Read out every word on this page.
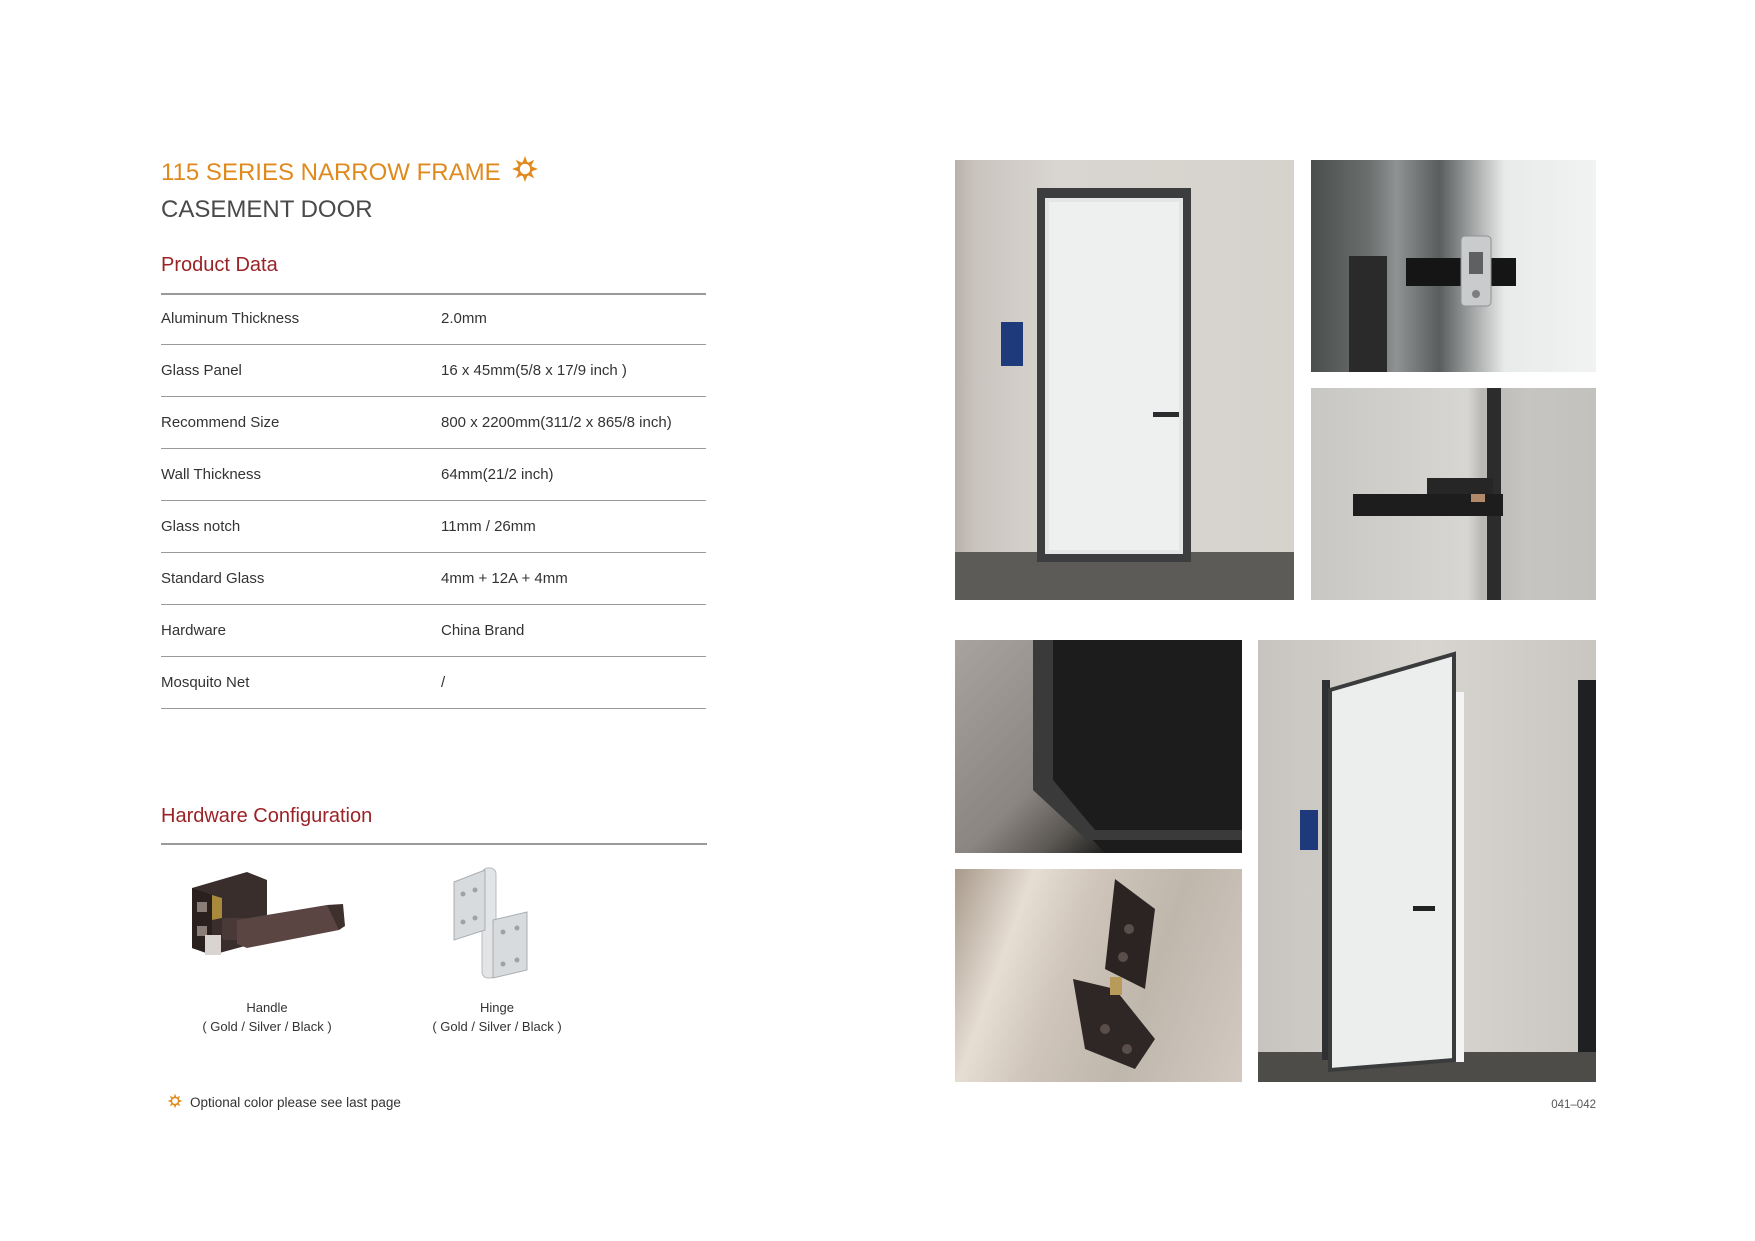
115 SERIES NARROW FRAME
CASEMENT DOOR
Product Data
Aluminum Thickness	2.0mm
Glass Panel	16 x 45mm(5/8 x 17/9 inch )
Recommend Size	800 x 2200mm(311/2 x 865/8 inch)
Wall Thickness	64mm(21/2 inch)
Glass notch	11mm / 26mm
Standard Glass	4mm + 12A + 4mm
Hardware	China Brand
Mosquito Net	/
Hardware Configuration
Handle
( Gold / Silver / Black )
Hinge
( Gold / Silver / Black )
Optional color please see last page	041–042
